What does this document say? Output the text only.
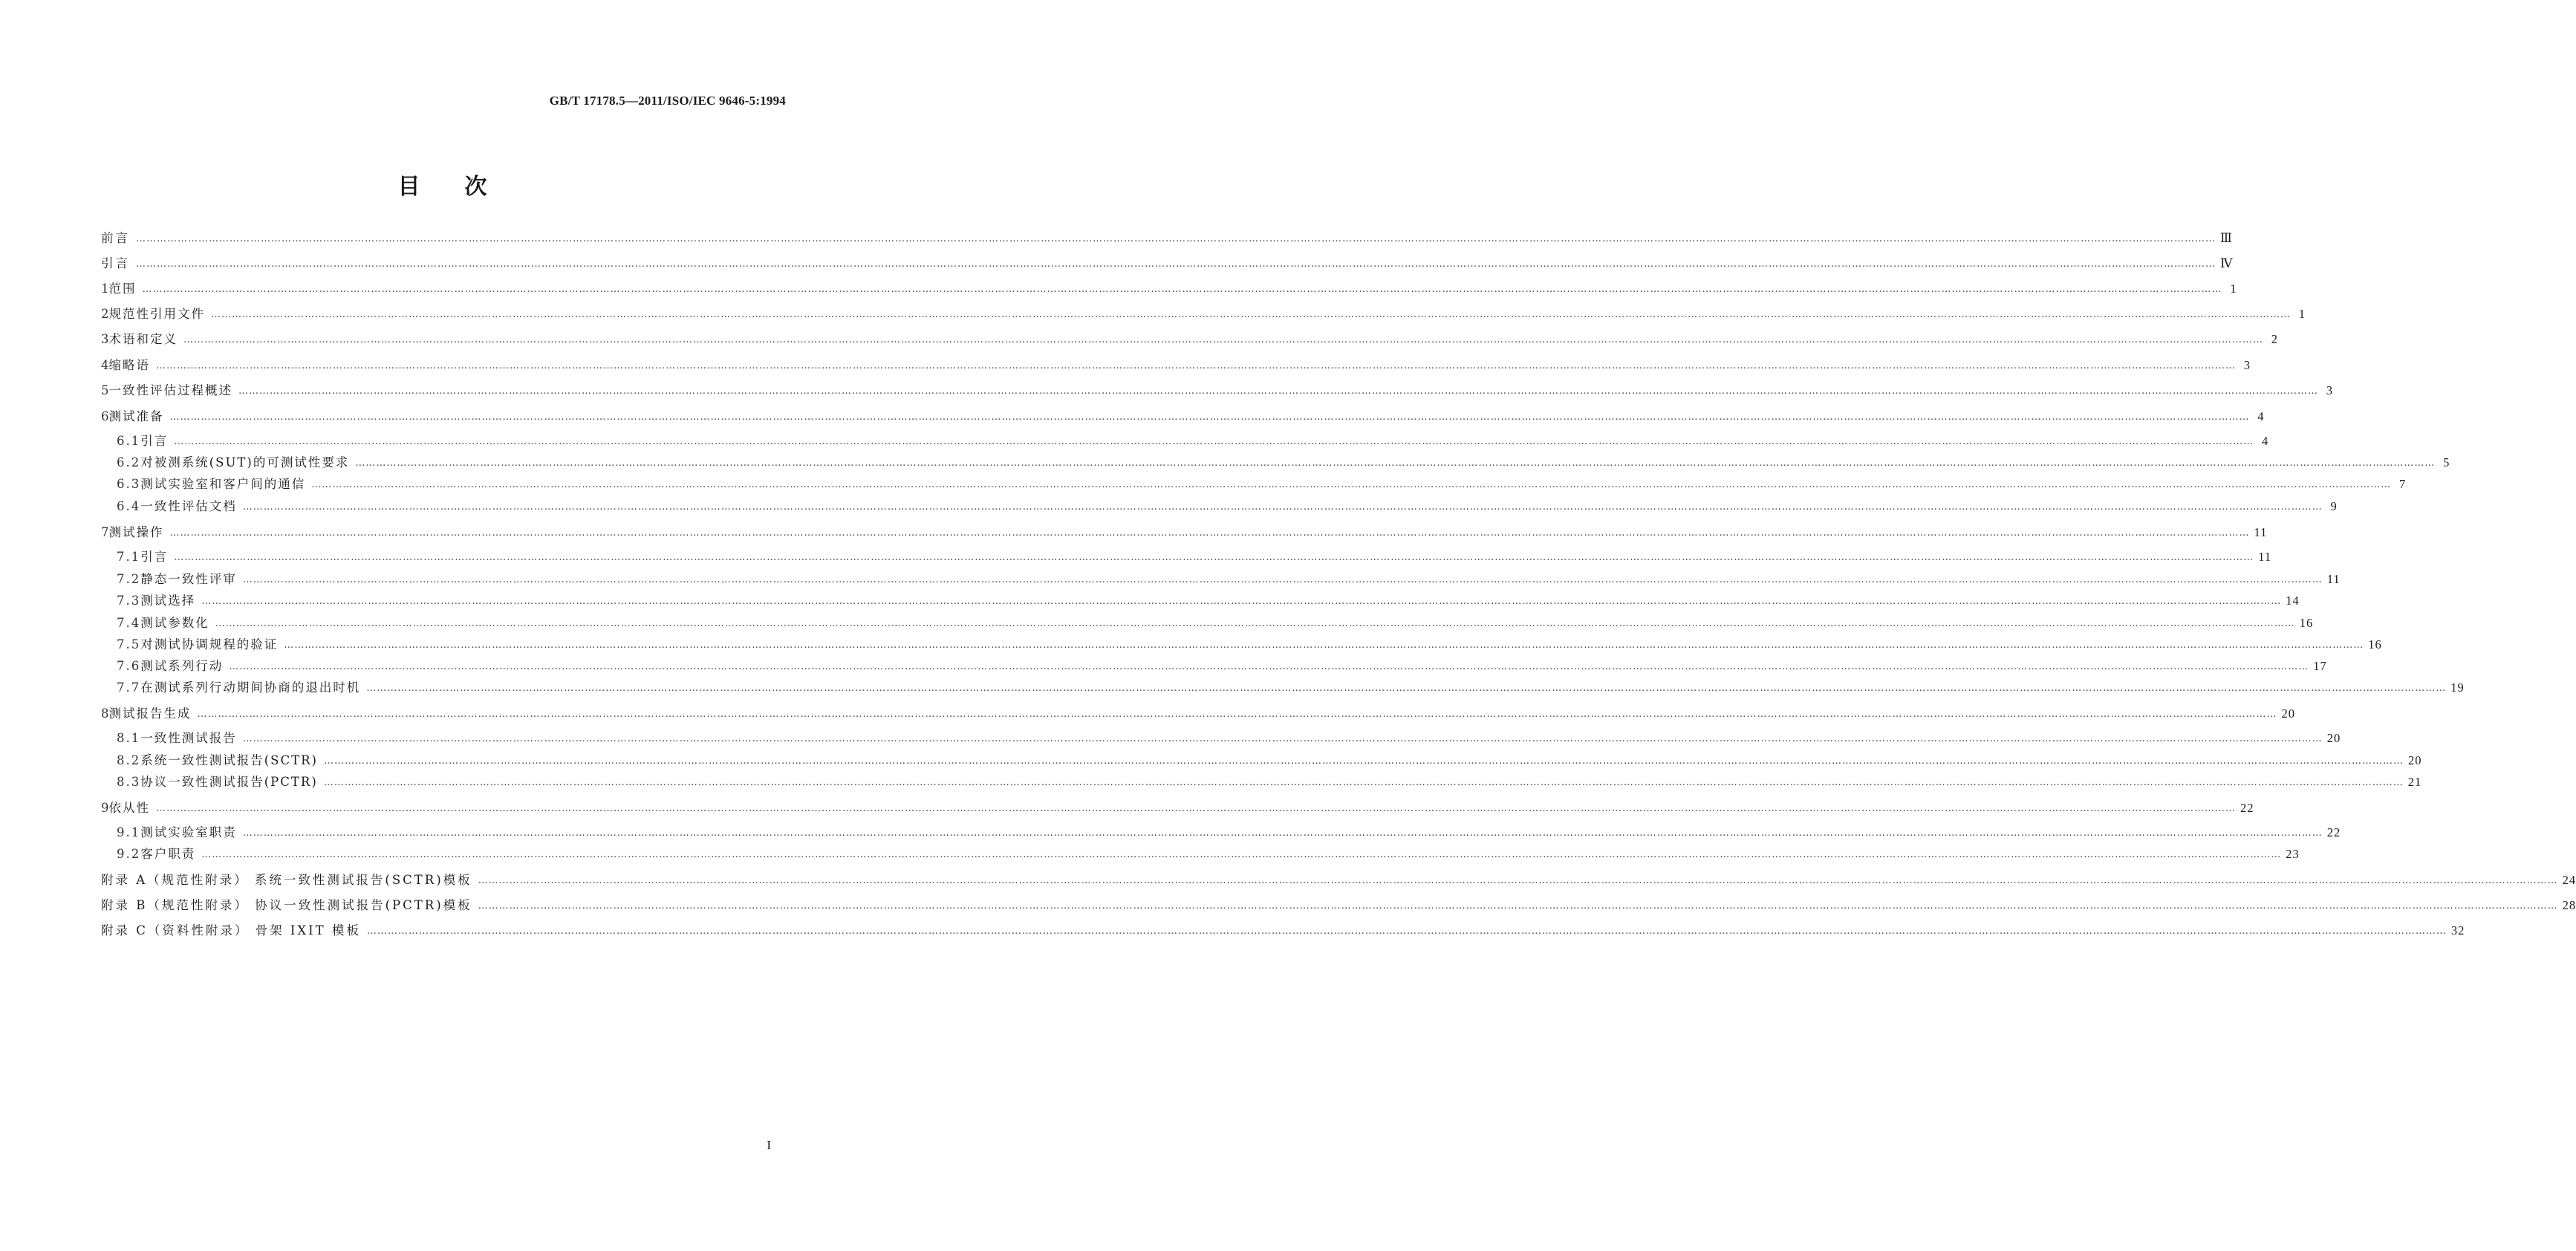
GB/T 17178.5—2011/ISO/IEC 9646-5:1994
目次
前言 …………………………………………………………………………………………………………………………………………………………………………………………………………………………………………………………………………………………………………………………………………………………………………………………………………………………………………………………………………………………………………………………………………………… Ⅲ
引言 …………………………………………………………………………………………………………………………………………………………………………………………………………………………………………………………………………………………………………………………………………………………………………………………………………………………………………………………………………………………………………………………………………………… Ⅳ
1 范围 …………………………………………………………………………………………………………………………………………………………………………………………………………………………………………………………………………………………………………………………………………………………………………………………………………………………………………………………………………………………………………………………………………………… 1
2 规范性引用文件 …………………………………………………………………………………………………………………………………………………………………………………………………………………………………………………………………………………………………………………………………………………………………………………………………………………………………………………………………………………………………………………………………………………… 1
3 术语和定义 …………………………………………………………………………………………………………………………………………………………………………………………………………………………………………………………………………………………………………………………………………………………………………………………………………………………………………………………………………………………………………………………………………………… 2
4 缩略语 …………………………………………………………………………………………………………………………………………………………………………………………………………………………………………………………………………………………………………………………………………………………………………………………………………………………………………………………………………………………………………………………………………………… 3
5 一致性评估过程概述 …………………………………………………………………………………………………………………………………………………………………………………………………………………………………………………………………………………………………………………………………………………………………………………………………………………………………………………………………………………………………………………………………………………… 3
6 测试准备 …………………………………………………………………………………………………………………………………………………………………………………………………………………………………………………………………………………………………………………………………………………………………………………………………………………………………………………………………………………………………………………………………………………… 4
6.1 引言 …………………………………………………………………………………………………………………………………………………………………………………………………………………………………………………………………………………………………………………………………………………………………………………………………………………………………………………………………………………………………………………………………………………… 4
6.2 对被测系统(SUT)的可测试性要求 …………………………………………………………………………………………………………………………………………………………………………………………………………………………………………………………………………………………………………………………………………………………………………………………………………………………………………………………………………………………………………………………………………………… 5
6.3 测试实验室和客户间的通信 …………………………………………………………………………………………………………………………………………………………………………………………………………………………………………………………………………………………………………………………………………………………………………………………………………………………………………………………………………………………………………………………………………………… 7
6.4 一致性评估文档 …………………………………………………………………………………………………………………………………………………………………………………………………………………………………………………………………………………………………………………………………………………………………………………………………………………………………………………………………………………………………………………………………………………… 9
7 测试操作 …………………………………………………………………………………………………………………………………………………………………………………………………………………………………………………………………………………………………………………………………………………………………………………………………………………………………………………………………………………………………………………………………………………… 11
7.1 引言 …………………………………………………………………………………………………………………………………………………………………………………………………………………………………………………………………………………………………………………………………………………………………………………………………………………………………………………………………………………………………………………………………………………… 11
7.2 静态一致性评审 …………………………………………………………………………………………………………………………………………………………………………………………………………………………………………………………………………………………………………………………………………………………………………………………………………………………………………………………………………………………………………………………………………………… 11
7.3 测试选择 …………………………………………………………………………………………………………………………………………………………………………………………………………………………………………………………………………………………………………………………………………………………………………………………………………………………………………………………………………………………………………………………………………………… 14
7.4 测试参数化 …………………………………………………………………………………………………………………………………………………………………………………………………………………………………………………………………………………………………………………………………………………………………………………………………………………………………………………………………………………………………………………………………………………… 16
7.5 对测试协调规程的验证 …………………………………………………………………………………………………………………………………………………………………………………………………………………………………………………………………………………………………………………………………………………………………………………………………………………………………………………………………………………………………………………………………………………… 16
7.6 测试系列行动 …………………………………………………………………………………………………………………………………………………………………………………………………………………………………………………………………………………………………………………………………………………………………………………………………………………………………………………………………………………………………………………………………………………… 17
7.7 在测试系列行动期间协商的退出时机 …………………………………………………………………………………………………………………………………………………………………………………………………………………………………………………………………………………………………………………………………………………………………………………………………………………………………………………………………………………………………………………………………………………… 19
8 测试报告生成 …………………………………………………………………………………………………………………………………………………………………………………………………………………………………………………………………………………………………………………………………………………………………………………………………………………………………………………………………………………………………………………………………………………… 20
8.1 一致性测试报告 …………………………………………………………………………………………………………………………………………………………………………………………………………………………………………………………………………………………………………………………………………………………………………………………………………………………………………………………………………………………………………………………………………………… 20
8.2 系统一致性测试报告(SCTR) …………………………………………………………………………………………………………………………………………………………………………………………………………………………………………………………………………………………………………………………………………………………………………………………………………………………………………………………………………………………………………………………………………………… 20
8.3 协议一致性测试报告(PCTR) …………………………………………………………………………………………………………………………………………………………………………………………………………………………………………………………………………………………………………………………………………………………………………………………………………………………………………………………………………………………………………………………………………………… 21
9 依从性 …………………………………………………………………………………………………………………………………………………………………………………………………………………………………………………………………………………………………………………………………………………………………………………………………………………………………………………………………………………………………………………………………………………… 22
9.1 测试实验室职责 …………………………………………………………………………………………………………………………………………………………………………………………………………………………………………………………………………………………………………………………………………………………………………………………………………………………………………………………………………………………………………………………………………………… 22
9.2 客户职责 …………………………………………………………………………………………………………………………………………………………………………………………………………………………………………………………………………………………………………………………………………………………………………………………………………………………………………………………………………………………………………………………………………………… 23
附录 A（规范性附录） 系统一致性测试报告(SCTR)模板 …………………………………………………………………………………………………………………………………………………………………………………………………………………………………………………………………………………………………………………………………………………………………………………………………………………………………………………………………………………………………………………………………………………… 24
附录 B（规范性附录） 协议一致性测试报告(PCTR)模板 …………………………………………………………………………………………………………………………………………………………………………………………………………………………………………………………………………………………………………………………………………………………………………………………………………………………………………………………………………………………………………………………………………………… 28
附录 C（资料性附录） 骨架 IXIT 模板 …………………………………………………………………………………………………………………………………………………………………………………………………………………………………………………………………………………………………………………………………………………………………………………………………………………………………………………………………………………………………………………………………………………… 32
I
